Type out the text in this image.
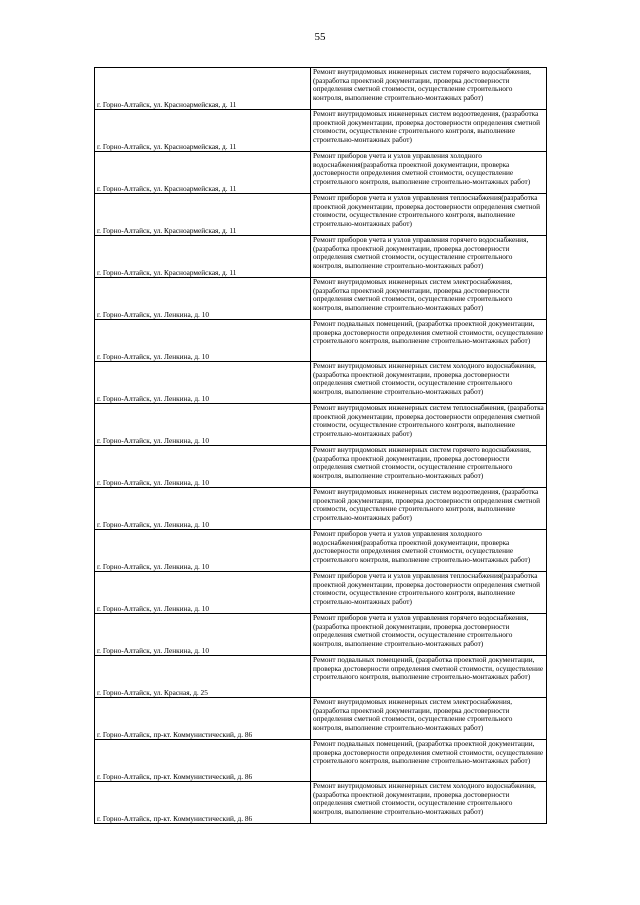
55
г. Горно-Алтайск, ул. Красноармейская, д. 11	Ремонт внутридомовых инженерных систем горячего водоснабжения, (разработка проектной документации, проверка достоверности определения сметной стоимости, осуществление строительного контроля, выполнение строительно-монтажных работ)
г. Горно-Алтайск, ул. Красноармейская, д. 11	Ремонт внутридомовых инженерных систем водоотведения, (разработка проектной документации, проверка достоверности определения сметной стоимости, осуществление строительного контроля, выполнение строительно-монтажных работ)
г. Горно-Алтайск, ул. Красноармейская, д. 11	Ремонт приборов учета и узлов управления холодного водоснабжения(разработка проектной документации, проверка достоверности определения сметной стоимости, осуществление строительного контроля, выполнение строительно-монтажных работ)
г. Горно-Алтайск, ул. Красноармейская, д. 11	Ремонт приборов учета и узлов управления теплоснабжения(разработка проектной документации, проверка достоверности определения сметной стоимости, осуществление строительного контроля, выполнение строительно-монтажных работ)
г. Горно-Алтайск, ул. Красноармейская, д. 11	Ремонт приборов учета и узлов управления горячего водоснабжения, (разработка проектной документации, проверка достоверности определения сметной стоимости, осуществление строительного контроля, выполнение строительно-монтажных работ)
г. Горно-Алтайск, ул. Ленкина, д. 10	Ремонт внутридомовых инженерных систем электроснабжения, (разработка проектной документации, проверка достоверности определения сметной стоимости, осуществление строительного контроля, выполнение строительно-монтажных работ)
г. Горно-Алтайск, ул. Ленкина, д. 10	Ремонт подвальных помещений, (разработка проектной документации, проверка достоверности определения сметной стоимости, осуществление строительного контроля, выполнение строительно-монтажных работ)
г. Горно-Алтайск, ул. Ленкина, д. 10	Ремонт внутридомовых инженерных систем холодного водоснабжения, (разработка проектной документации, проверка достоверности определения сметной стоимости, осуществление строительного контроля, выполнение строительно-монтажных работ)
г. Горно-Алтайск, ул. Ленкина, д. 10	Ремонт внутридомовых инженерных систем теплоснабжения, (разработка проектной документации, проверка достоверности определения сметной стоимости, осуществление строительного контроля, выполнение строительно-монтажных работ)
г. Горно-Алтайск, ул. Ленкина, д. 10	Ремонт внутридомовых инженерных систем горячего водоснабжения, (разработка проектной документации, проверка достоверности определения сметной стоимости, осуществление строительного контроля, выполнение строительно-монтажных работ)
г. Горно-Алтайск, ул. Ленкина, д. 10	Ремонт внутридомовых инженерных систем водоотведения, (разработка проектной документации, проверка достоверности определения сметной стоимости, осуществление строительного контроля, выполнение строительно-монтажных работ)
г. Горно-Алтайск, ул. Ленкина, д. 10	Ремонт приборов учета и узлов управления холодного водоснабжения(разработка проектной документации, проверка достоверности определения сметной стоимости, осуществление строительного контроля, выполнение строительно-монтажных работ)
г. Горно-Алтайск, ул. Ленкина, д. 10	Ремонт приборов учета и узлов управления теплоснабжения(разработка проектной документации, проверка достоверности определения сметной стоимости, осуществление строительного контроля, выполнение строительно-монтажных работ)
г. Горно-Алтайск, ул. Ленкина, д. 10	Ремонт приборов учета и узлов управления горячего водоснабжения, (разработка проектной документации, проверка достоверности определения сметной стоимости, осуществление строительного контроля, выполнение строительно-монтажных работ)
г. Горно-Алтайск, ул. Красная, д. 25	Ремонт подвальных помещений, (разработка проектной документации, проверка достоверности определения сметной стоимости, осуществление строительного контроля, выполнение строительно-монтажных работ)
г. Горно-Алтайск, пр-кт. Коммунистический, д. 86	Ремонт внутридомовых инженерных систем электроснабжения, (разработка проектной документации, проверка достоверности определения сметной стоимости, осуществление строительного контроля, выполнение строительно-монтажных работ)
г. Горно-Алтайск, пр-кт. Коммунистический, д. 86	Ремонт подвальных помещений, (разработка проектной документации, проверка достоверности определения сметной стоимости, осуществление строительного контроля, выполнение строительно-монтажных работ)
г. Горно-Алтайск, пр-кт. Коммунистический, д. 86	Ремонт внутридомовых инженерных систем холодного водоснабжения, (разработка проектной документации, проверка достоверности определения сметной стоимости, осуществление строительного контроля, выполнение строительно-монтажных работ)
